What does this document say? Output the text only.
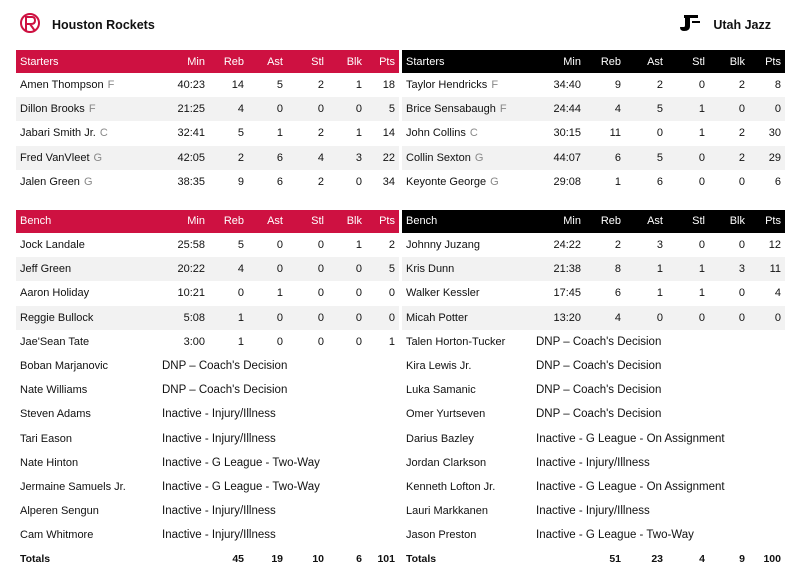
Houston Rockets	Utah Jazz
Starters	Min	Reb	Ast	Stl	Blk	Pts
Amen Thompson F	40:23	14	5	2	1	18
Dillon Brooks F	21:25	4	0	0	0	5
Jabari Smith Jr. C	32:41	5	1	2	1	14
Fred VanVleet G	42:05	2	6	4	3	22
Jalen Green G	38:35	9	6	2	0	34
Bench	Min	Reb	Ast	Stl	Blk	Pts
Jock Landale	25:58	5	0	0	1	2
Jeff Green	20:22	4	0	0	0	5
Aaron Holiday	10:21	0	1	0	0	0
Reggie Bullock	5:08	1	0	0	0	0
Jae'Sean Tate	3:00	1	0	0	0	1
Boban Marjanovic	DNP – Coach's Decision					
Nate Williams	DNP – Coach's Decision					
Steven Adams	Inactive - Injury/Illness					
Tari Eason	Inactive - Injury/Illness					
Nate Hinton	Inactive - G League - Two-Way					
Jermaine Samuels Jr.	Inactive - G League - Two-Way					
Alperen Sengun	Inactive - Injury/Illness					
Cam Whitmore	Inactive - Injury/Illness					
Totals		45	19	10	6	101
Starters	Min	Reb	Ast	Stl	Blk	Pts
Taylor Hendricks F	34:40	9	2	0	2	8
Brice Sensabaugh F	24:44	4	5	1	0	0
John Collins C	30:15	11	0	1	2	30
Collin Sexton G	44:07	6	5	0	2	29
Keyonte George G	29:08	1	6	0	0	6
Bench	Min	Reb	Ast	Stl	Blk	Pts
Johnny Juzang	24:22	2	3	0	0	12
Kris Dunn	21:38	8	1	1	3	11
Walker Kessler	17:45	6	1	1	0	4
Micah Potter	13:20	4	0	0	0	0
Talen Horton-Tucker	DNP – Coach's Decision					
Kira Lewis Jr.	DNP – Coach's Decision					
Luka Samanic	DNP – Coach's Decision					
Omer Yurtseven	DNP – Coach's Decision					
Darius Bazley	Inactive - G League - On Assignment					
Jordan Clarkson	Inactive - Injury/Illness					
Kenneth Lofton Jr.	Inactive - G League - On Assignment					
Lauri Markkanen	Inactive - Injury/Illness					
Jason Preston	Inactive - G League - Two-Way					
Totals		51	23	4	9	100
